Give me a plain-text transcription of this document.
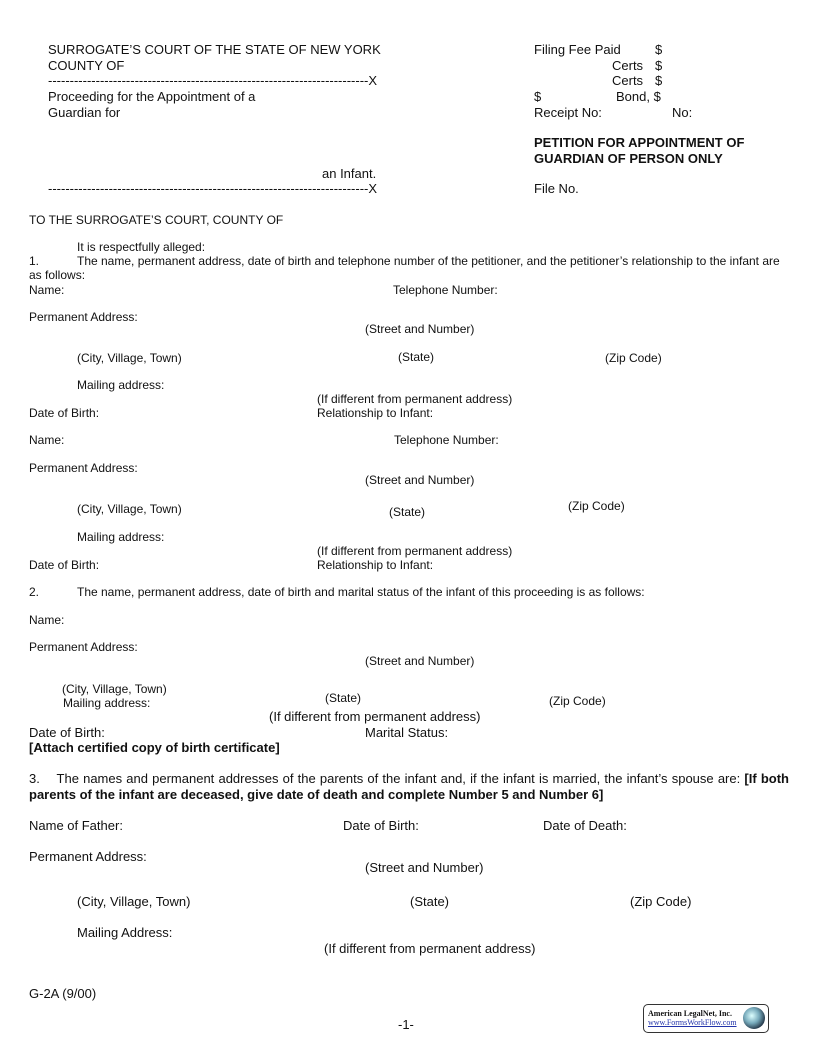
SURROGATE’S COURT OF THE STATE OF NEW YORK
COUNTY OF
--------------------------------------------------------------------------X
Proceeding for the Appointment of a
Guardian for
an Infant.
--------------------------------------------------------------------------X
Filing Fee Paid	$
Certs $
Certs $
$	Bond, $
Receipt No:	No:
PETITION FOR APPOINTMENT OF
GUARDIAN OF PERSON ONLY
File No.
TO THE SURROGATE’S COURT, COUNTY OF
It is respectfully alleged:
1.	The name, permanent address, date of birth and telephone number of the petitioner, and the petitioner’s relationship to the infant are
as follows:
Name:	Telephone Number:
Permanent Address:
(Street and Number)
(City, Village, Town)	(State)	(Zip Code)
Mailing address:
(If different from permanent address)
Date of Birth:	Relationship to Infant:
Name:	Telephone Number:
Permanent Address:
(Street and Number)
(City, Village, Town)	(State)	(Zip Code)
Mailing address:
(If different from permanent address)
Date of Birth:	Relationship to Infant:
2.	The name, permanent address, date of birth and marital status of the infant of this proceeding is as follows:
Name:
Permanent Address:
(Street and Number)
(City, Village, Town)
Mailing address:	(State)	(Zip Code)
(If different from permanent address)
Date of Birth:	Marital Status:
[Attach certified copy of birth certificate]
3. The names and permanent addresses of the parents of the infant and, if the infant is married, the infant’s spouse are: [If both parents of the infant are deceased, give date of death and complete Number 5 and Number 6]
Name of Father:	Date of Birth:	Date of Death:
Permanent Address:
(Street and Number)
(City, Village, Town)	(State)	(Zip Code)
Mailing Address:
(If different from permanent address)
G-2A (9/00)
-1-
American LegalNet, Inc.
www.FormsWorkFlow.com
